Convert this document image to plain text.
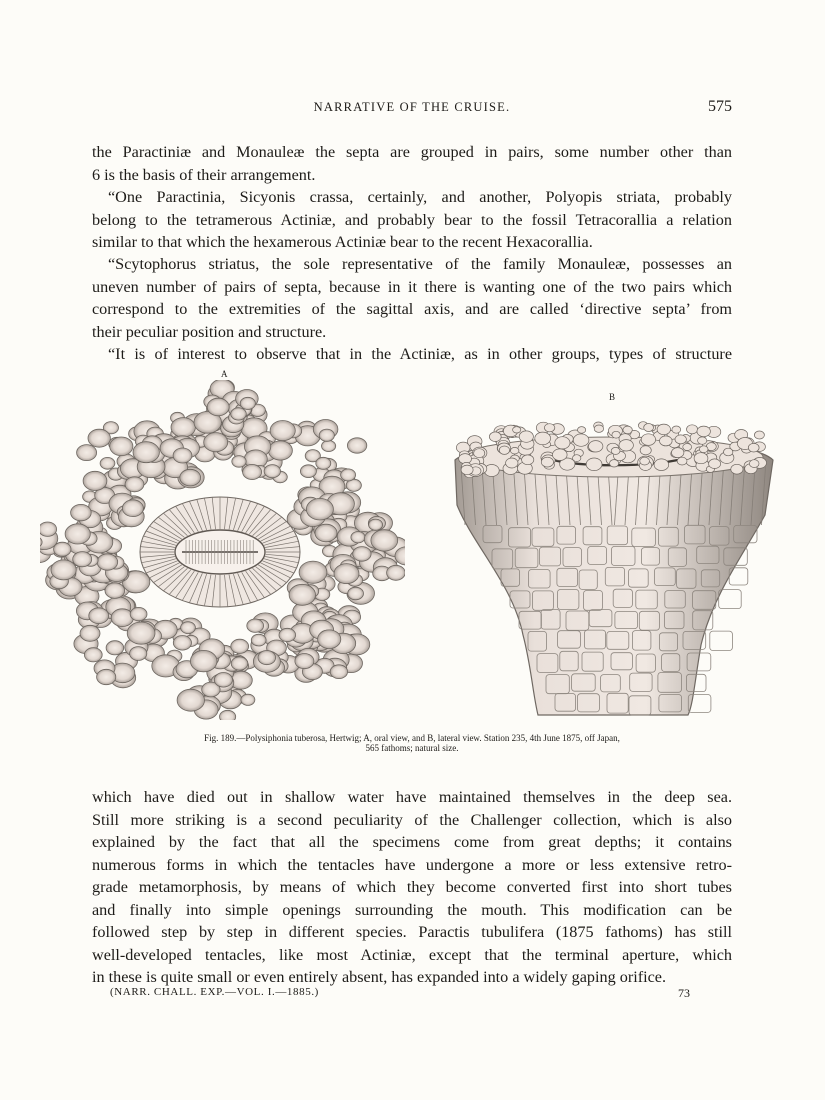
NARRATIVE OF THE CRUISE.	575
the Paractiniæ and Monauleæ the septa are grouped in pairs, some number other than
6 is the basis of their arrangement.
“One Paractinia, Sicyonis crassa, certainly, and another, Polyopis striata, probably
belong to the tetramerous Actiniæ, and probably bear to the fossil Tetracorallia a relation
similar to that which the hexamerous Actiniæ bear to the recent Hexacorallia.
“Scytophorus striatus, the sole representative of the family Monauleæ, possesses an
uneven number of pairs of septa, because in it there is wanting one of the two pairs which
correspond to the extremities of the sagittal axis, and are called ‘directive septa’ from
their peculiar position and structure.
“It is of interest to observe that in the Actiniæ, as in other groups, types of structure
A
B
Fig. 189.—Polysiphonia tuberosa, Hertwig; A, oral view, and B, lateral view. Station 235, 4th June 1875, off Japan,
565 fathoms; natural size.
which have died out in shallow water have maintained themselves in the deep sea.
Still more striking is a second peculiarity of the Challenger collection, which is also
explained by the fact that all the specimens come from great depths; it contains
numerous forms in which the tentacles have undergone a more or less extensive retro-
grade metamorphosis, by means of which they become converted first into short tubes
and finally into simple openings surrounding the mouth. This modification can be
followed step by step in different species. Paractis tubulifera (1875 fathoms) has still
well-developed tentacles, like most Actiniæ, except that the terminal aperture, which
in these is quite small or even entirely absent, has expanded into a widely gaping orifice.
(NARR. CHALL. EXP.—VOL. I.—1885.)	73
